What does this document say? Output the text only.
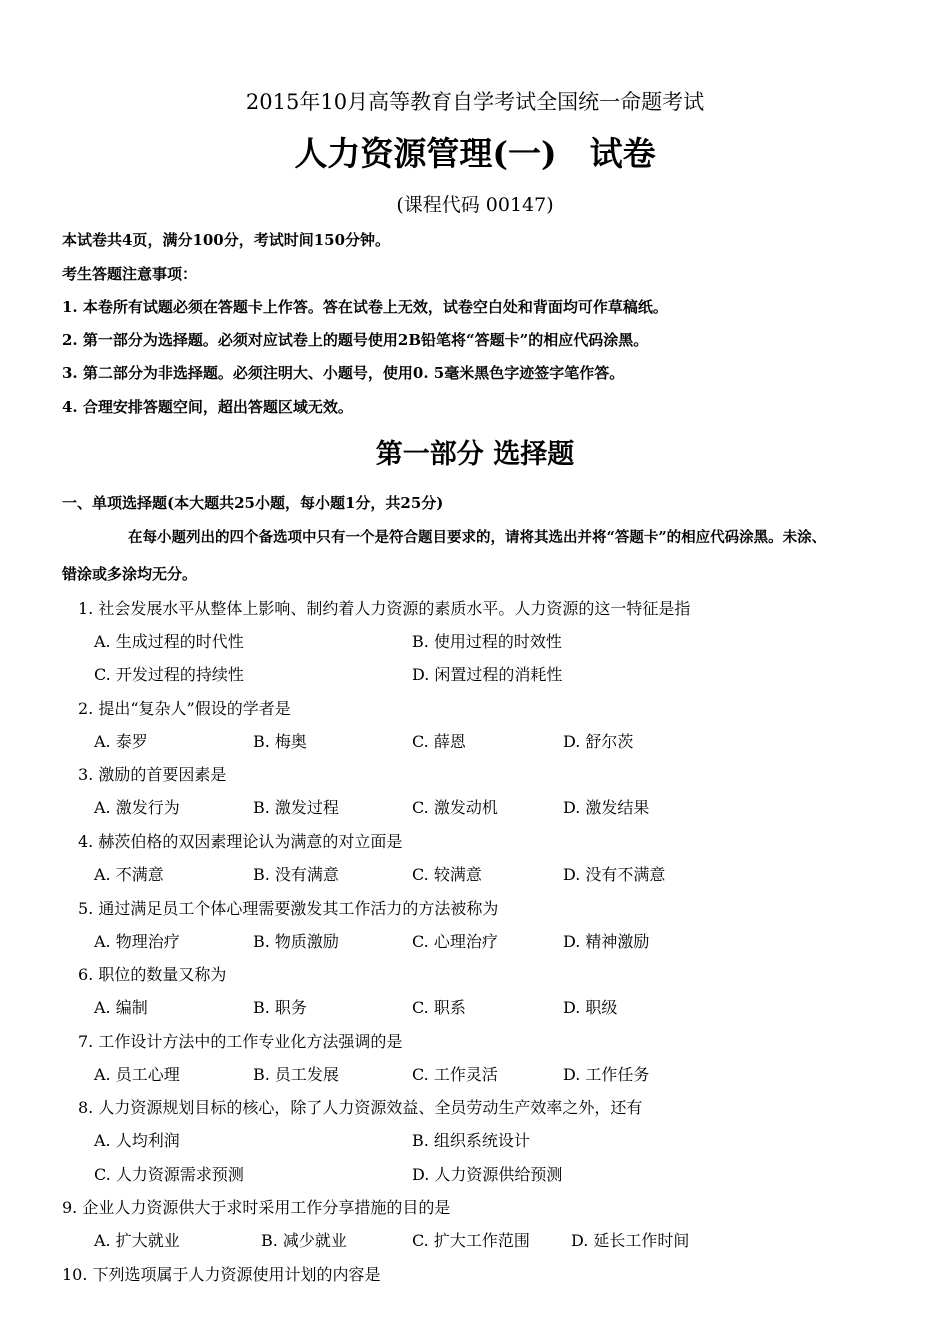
2015年10月高等教育自学考试全国统一命题考试
人力资源管理(一)　试卷
(课程代码 00147)
本试卷共4页，满分100分，考试时间150分钟。
考生答题注意事项：
1. 本卷所有试题必须在答题卡上作答。答在试卷上无效，试卷空白处和背面均可作草稿纸。
2. 第一部分为选择题。必须对应试卷上的题号使用2B铅笔将“答题卡”的相应代码涂黑。
3. 第二部分为非选择题。必须注明大、小题号，使用0. 5毫米黑色字迹签字笔作答。
4. 合理安排答题空间，超出答题区域无效。
第一部分 选择题
一、单项选择题(本大题共25小题，每小题1分，共25分)
在每小题列出的四个备选项中只有一个是符合题目要求的，请将其选出并将“答题卡”的相应代码涂黑。未涂、
错涂或多涂均无分。
1. 社会发展水平从整体上影响、制约着人力资源的素质水平。人力资源的这一特征是指
A. 生成过程的时代性	B. 使用过程的时效性
C. 开发过程的持续性	D. 闲置过程的消耗性
2. 提出“复杂人”假设的学者是
A. 泰罗	B. 梅奥	C. 薛恩	D. 舒尔茨
3. 激励的首要因素是
A. 激发行为	B. 激发过程	C. 激发动机	D. 激发结果
4. 赫茨伯格的双因素理论认为满意的对立面是
A. 不满意	B. 没有满意	C. 较满意	D. 没有不满意
5. 通过满足员工个体心理需要激发其工作活力的方法被称为
A. 物理治疗	B. 物质激励	C. 心理治疗	D. 精神激励
6. 职位的数量又称为
A. 编制	B. 职务	C. 职系	D. 职级
7. 工作设计方法中的工作专业化方法强调的是
A. 员工心理	B. 员工发展	C. 工作灵活	D. 工作任务
8. 人力资源规划目标的核心，除了人力资源效益、全员劳动生产效率之外，还有
A. 人均利润	B. 组织系统设计
C. 人力资源需求预测	D. 人力资源供给预测
9. 企业人力资源供大于求时采用工作分享措施的目的是
A. 扩大就业	B. 减少就业	C. 扩大工作范围	D. 延长工作时间
10. 下列选项属于人力资源使用计划的内容是
